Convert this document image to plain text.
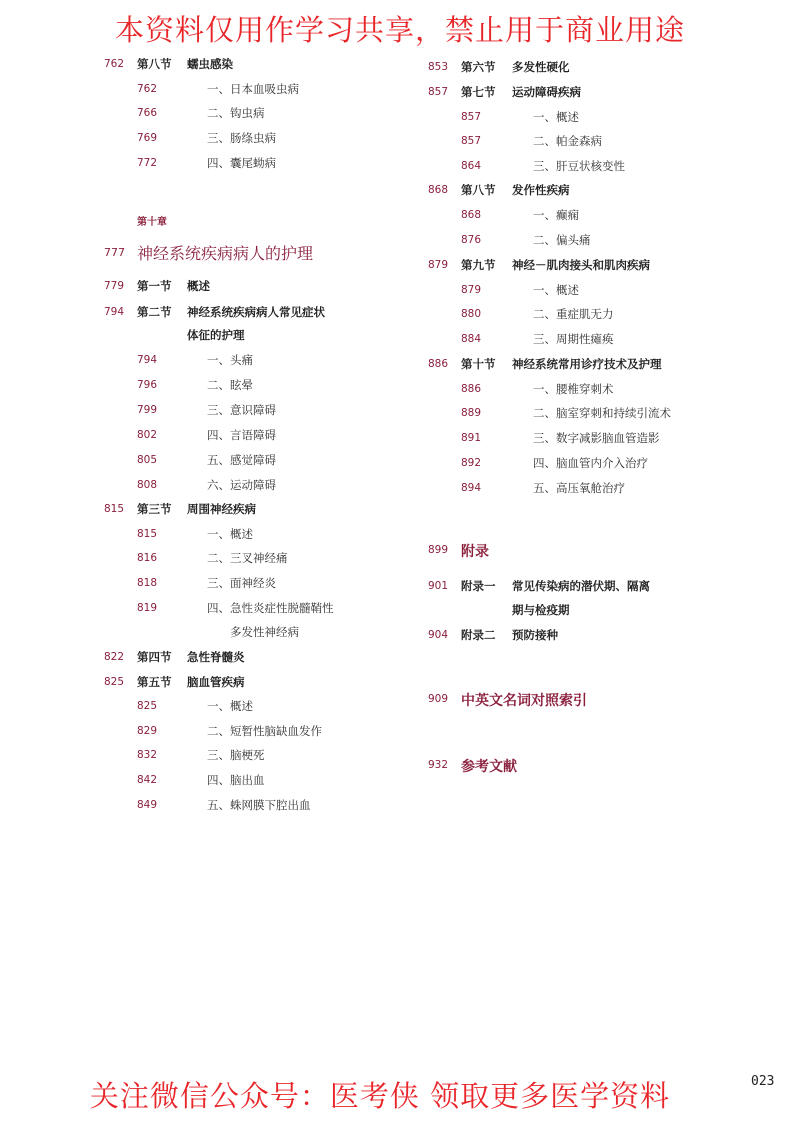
本资料仅用作学习共享，禁止用于商业用途
762 第八节 蠕虫感染
762	一、日本血吸虫病
766	二、钩虫病
769	三、肠绦虫病
772	四、囊尾蚴病
第十章
777 神经系统疾病病人的护理
779 第一节 概述
794 第二节 神经系统疾病病人常见症状
体征的护理
794	一、头痛
796	二、眩晕
799	三、意识障碍
802	四、言语障碍
805	五、感觉障碍
808	六、运动障碍
815 第三节 周围神经疾病
815	一、概述
816	二、三叉神经痛
818	三、面神经炎
819	四、急性炎症性脱髓鞘性
多发性神经病
822 第四节 急性脊髓炎
825 第五节 脑血管疾病
825	一、概述
829	二、短暂性脑缺血发作
832	三、脑梗死
842	四、脑出血
849	五、蛛网膜下腔出血
853 第六节 多发性硬化
857 第七节 运动障碍疾病
857	一、概述
857	二、帕金森病
864	三、肝豆状核变性
868 第八节 发作性疾病
868	一、癫痫
876	二、偏头痛
879 第九节 神经－肌肉接头和肌肉疾病
879	一、概述
880	二、重症肌无力
884	三、周期性瘫痪
886 第十节 神经系统常用诊疗技术及护理
886	一、腰椎穿刺术
889	二、脑室穿刺和持续引流术
891	三、数字减影脑血管造影
892	四、脑血管内介入治疗
894	五、高压氧舱治疗
899 附录
901 附录一 常见传染病的潜伏期、隔离
期与检疫期
904 附录二 预防接种
909 中英文名词对照索引
932 参考文献
关注微信公众号：医考侠 领取更多医学资料	023
